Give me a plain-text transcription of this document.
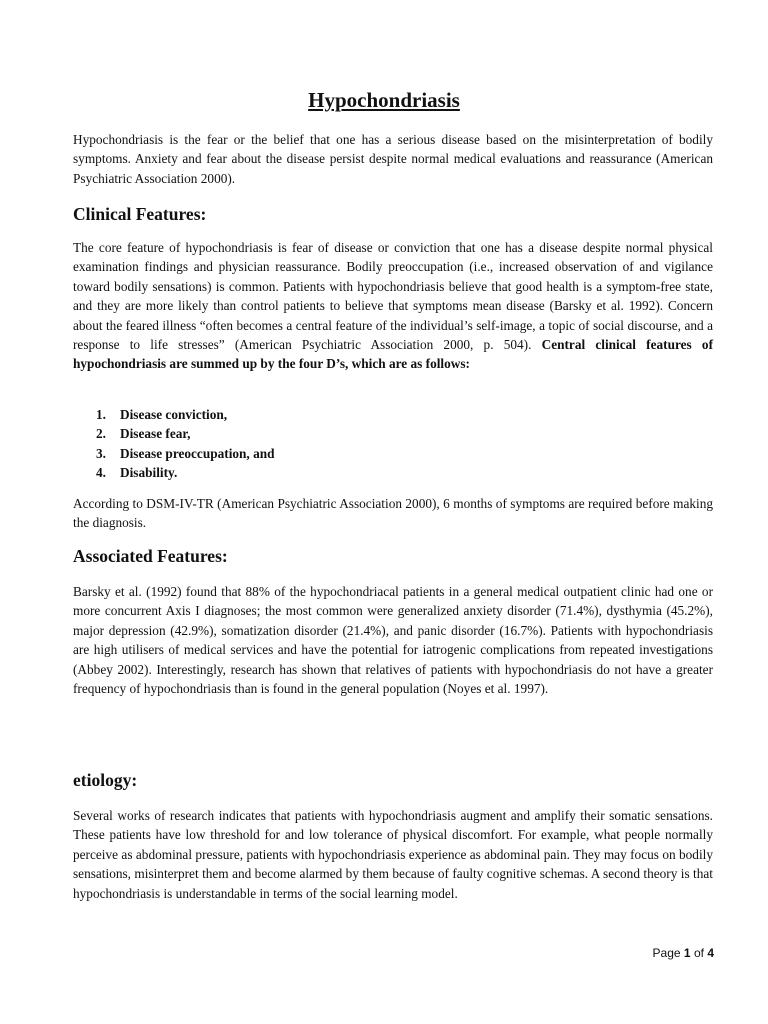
Hypochondriasis

Hypochondriasis is the fear or the belief that one has a serious disease based on the misinterpretation of bodily symptoms. Anxiety and fear about the disease persist despite normal medical evaluations and reassurance (American Psychiatric Association 2000).

Clinical Features:

The core feature of hypochondriasis is fear of disease or conviction that one has a disease despite normal physical examination findings and physician reassurance. Bodily preoccupation (i.e., increased observation of and vigilance toward bodily sensations) is common. Patients with hypochondriasis believe that good health is a symptom-free state, and they are more likely than control patients to believe that symptoms mean disease (Barsky et al. 1992). Concern about the feared illness “often becomes a central feature of the individual’s self-image, a topic of social discourse, and a response to life stresses” (American Psychiatric Association 2000, p. 504). Central clinical features of hypochondriasis are summed up by the four D’s, which are as follows:

1. Disease conviction,
2. Disease fear,
3. Disease preoccupation, and
4. Disability.

According to DSM-IV-TR (American Psychiatric Association 2000), 6 months of symptoms are required before making the diagnosis.

Associated Features:

Barsky et al. (1992) found that 88% of the hypochondriacal patients in a general medical outpatient clinic had one or more concurrent Axis I diagnoses; the most common were generalized anxiety disorder (71.4%), dysthymia (45.2%), major depression (42.9%), somatization disorder (21.4%), and panic disorder (16.7%). Patients with hypochondriasis are high utilisers of medical services and have the potential for iatrogenic complications from repeated investigations (Abbey 2002). Interestingly, research has shown that relatives of patients with hypochondriasis do not have a greater frequency of hypochondriasis than is found in the general population (Noyes et al. 1997).

etiology:

Several works of research indicates that patients with hypochondriasis augment and amplify their somatic sensations. These patients have low threshold for and low tolerance of physical discomfort. For example, what people normally perceive as abdominal pressure, patients with hypochondriasis experience as abdominal pain. They may focus on bodily sensations, misinterpret them and become alarmed by them because of faulty cognitive schemas. A second theory is that hypochondriasis is understandable in terms of the social learning model.

Page 1 of 4
